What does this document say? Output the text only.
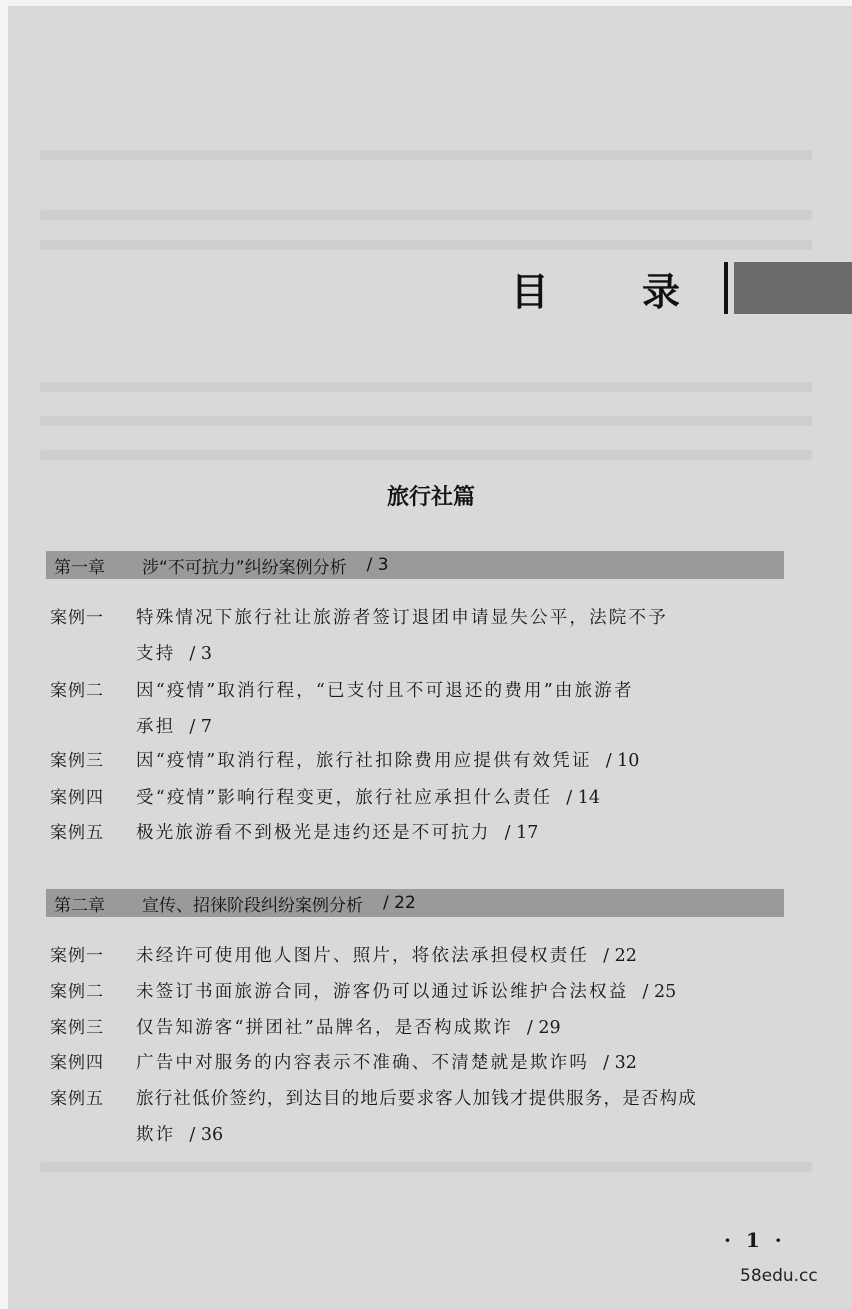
目 录
旅行社篇
第一章	涉“不可抗力”纠纷案例分析 / 3
案例一 特殊情况下旅行社让旅游者签订退团申请显失公平，法院不予
支持 / 3
案例二 因“疫情”取消行程，“已支付且不可退还的费用”由旅游者
承担 / 7
案例三 因“疫情”取消行程，旅行社扣除费用应提供有效凭证 / 10
案例四 受“疫情”影响行程变更，旅行社应承担什么责任 / 14
案例五 极光旅游看不到极光是违约还是不可抗力 / 17
第二章	宣传、招徕阶段纠纷案例分析 / 22
案例一 未经许可使用他人图片、照片，将依法承担侵权责任 / 22
案例二 未签订书面旅游合同，游客仍可以通过诉讼维护合法权益 / 25
案例三 仅告知游客“拼团社”品牌名，是否构成欺诈 / 29
案例四 广告中对服务的内容表示不准确、不清楚就是欺诈吗 / 32
案例五 旅行社低价签约，到达目的地后要求客人加钱才提供服务，是否构成
欺诈 / 36
· 1 ·
58edu.cc
